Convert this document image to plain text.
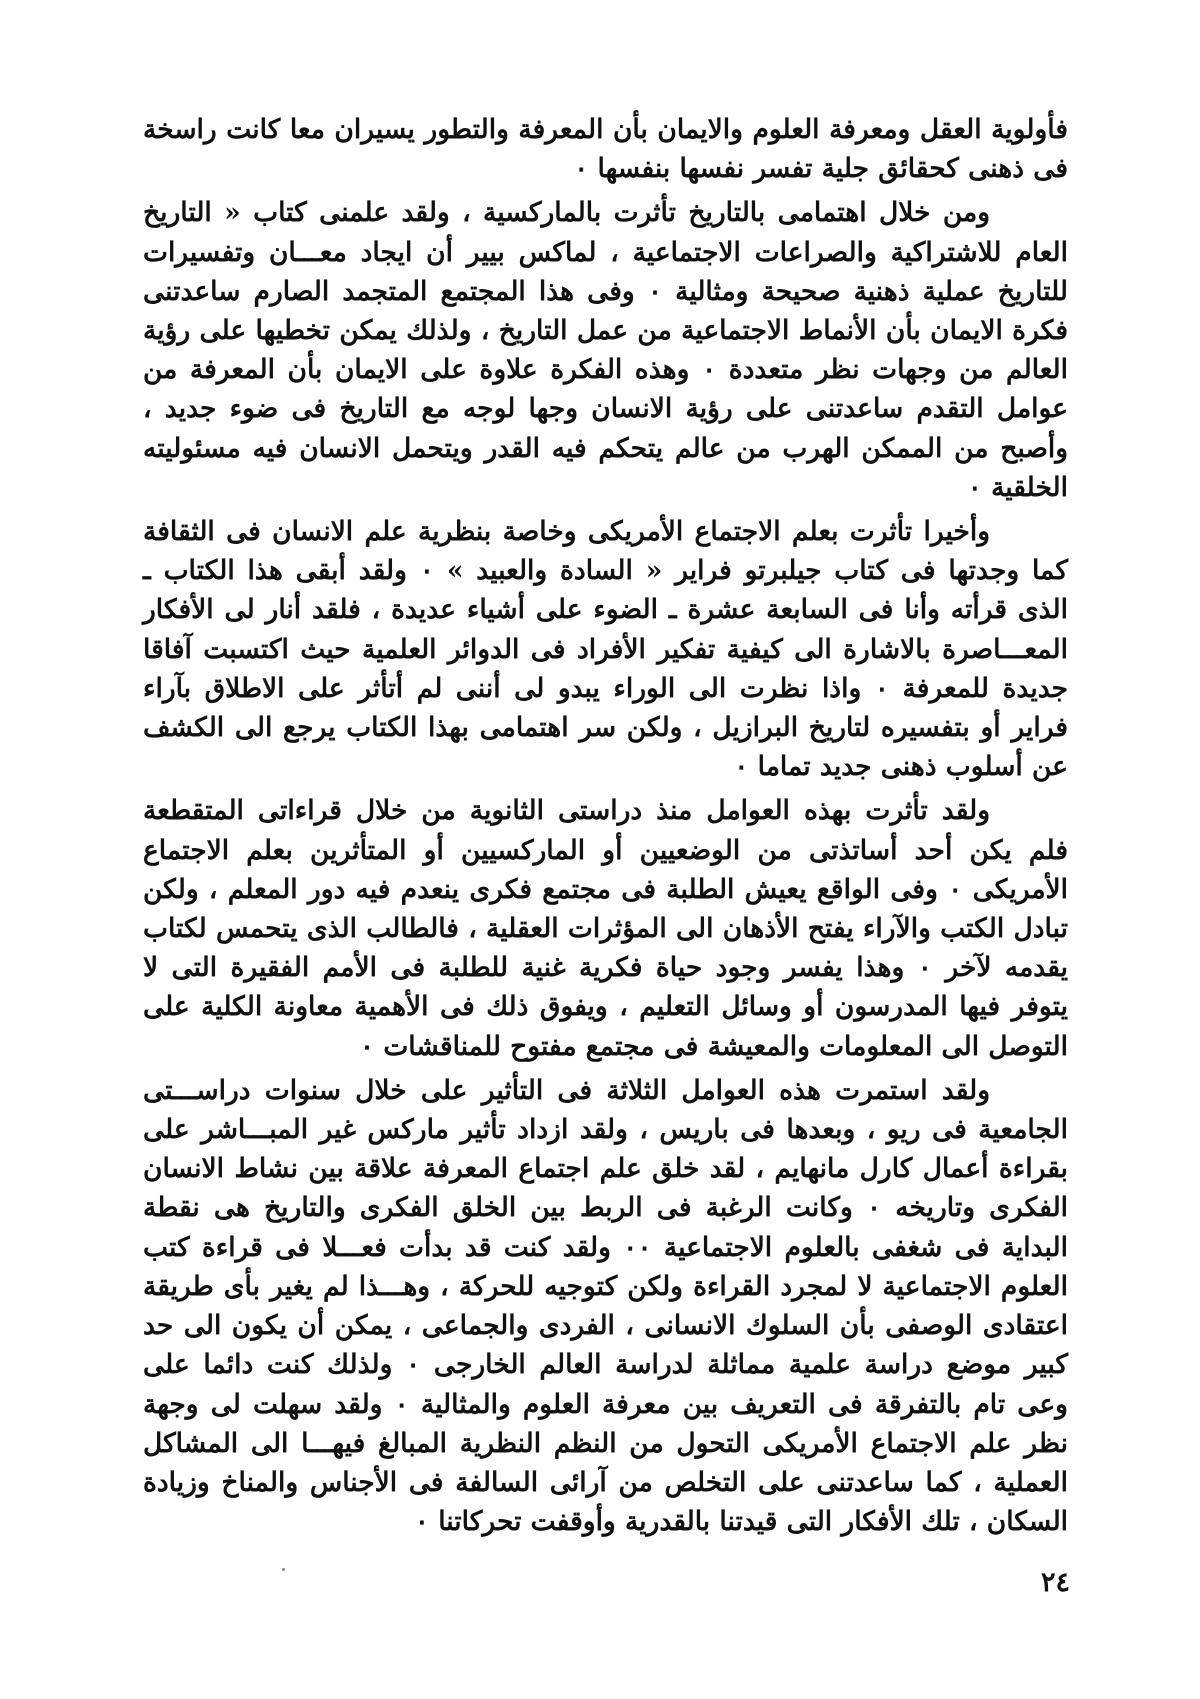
فأولوية العقل ومعرفة العلوم والايمان بأن المعرفة والتطور يسيران معا كانت راسخة فى ذهنى كحقائق جلية تفسر نفسها بنفسها ٠

ومن خلال اهتمامى بالتاريخ تأثرت بالماركسية ، ولقد علمنى كتاب « التاريخ العام للاشتراكية والصراعات الاجتماعية ، لماكس بيير أن ايجاد معـــان وتفسيرات للتاريخ عملية ذهنية صحيحة ومثالية ٠ وفى هذا المجتمع المتجمد الصارم ساعدتنى فكرة الايمان بأن الأنماط الاجتماعية من عمل التاريخ ، ولذلك يمكن تخطيها على رؤية العالم من وجهات نظر متعددة ٠ وهذه الفكرة علاوة على الايمان بأن المعرفة من عوامل التقدم ساعدتنى على رؤية الانسان وجها لوجه مع التاريخ فى ضوء جديد ، وأصبح من الممكن الهرب من عالم يتحكم فيه القدر ويتحمل الانسان فيه مسئوليته الخلقية ٠

وأخيرا تأثرت بعلم الاجتماع الأمريكى وخاصة بنظرية علم الانسان فى الثقافة كما وجدتها فى كتاب جيلبرتو فراير « السادة والعبيد » ٠ ولقد أبقى هذا الكتاب ـ الذى قرأته وأنا فى السابعة عشرة ـ الضوء على أشياء عديدة ، فلقد أنار لى الأفكار المعـــاصرة بالاشارة الى كيفية تفكير الأفراد فى الدوائر العلمية حيث اكتسبت آفاقا جديدة للمعرفة ٠ واذا نظرت الى الوراء يبدو لى أننى لم أتأثر على الاطلاق بآراء فراير أو بتفسيره لتاريخ البرازيل ، ولكن سر اهتمامى بهذا الكتاب يرجع الى الكشف عن أسلوب ذهنى جديد تماما ٠

ولقد تأثرت بهذه العوامل منذ دراستى الثانوية من خلال قراءاتى المتقطعة فلم يكن أحد أساتذتى من الوضعيين أو الماركسيين أو المتأثرين بعلم الاجتماع الأمريكى ٠ وفى الواقع يعيش الطلبة فى مجتمع فكرى ينعدم فيه دور المعلم ، ولكن تبادل الكتب والآراء يفتح الأذهان الى المؤثرات العقلية ، فالطالب الذى يتحمس لكتاب يقدمه لآخر ٠ وهذا يفسر وجود حياة فكرية غنية للطلبة فى الأمم الفقيرة التى لا يتوفر فيها المدرسون أو وسائل التعليم ، ويفوق ذلك فى الأهمية معاونة الكلية على التوصل الى المعلومات والمعيشة فى مجتمع مفتوح للمناقشات ٠

ولقد استمرت هذه العوامل الثلاثة فى التأثير على خلال سنوات دراســـتى الجامعية فى ريو ، وبعدها فى باريس ، ولقد ازداد تأثير ماركس غير المبـــاشر على بقراءة أعمال كارل مانهايم ، لقد خلق علم اجتماع المعرفة علاقة بين نشاط الانسان الفكرى وتاريخه ٠ وكانت الرغبة فى الربط بين الخلق الفكرى والتاريخ هى نقطة البداية فى شغفى بالعلوم الاجتماعية ٠٠ ولقد كنت قد بدأت فعـــلا فى قراءة كتب العلوم الاجتماعية لا لمجرد القراءة ولكن كتوجيه للحركة ، وهـــذا لم يغير بأى طريقة اعتقادى الوصفى بأن السلوك الانسانى ، الفردى والجماعى ، يمكن أن يكون الى حد كبير موضع دراسة علمية مماثلة لدراسة العالم الخارجى ٠ ولذلك كنت دائما على وعى تام بالتفرقة فى التعريف بين معرفة العلوم والمثالية ٠ ولقد سهلت لى وجهة نظر علم الاجتماع الأمريكى التحول من النظم النظرية المبالغ فيهـــا الى المشاكل العملية ، كما ساعدتنى على التخلص من آرائى السالفة فى الأجناس والمناخ وزيادة السكان ، تلك الأفكار التى قيدتنا بالقدرية وأوقفت تحركاتنا ٠

٢٤
